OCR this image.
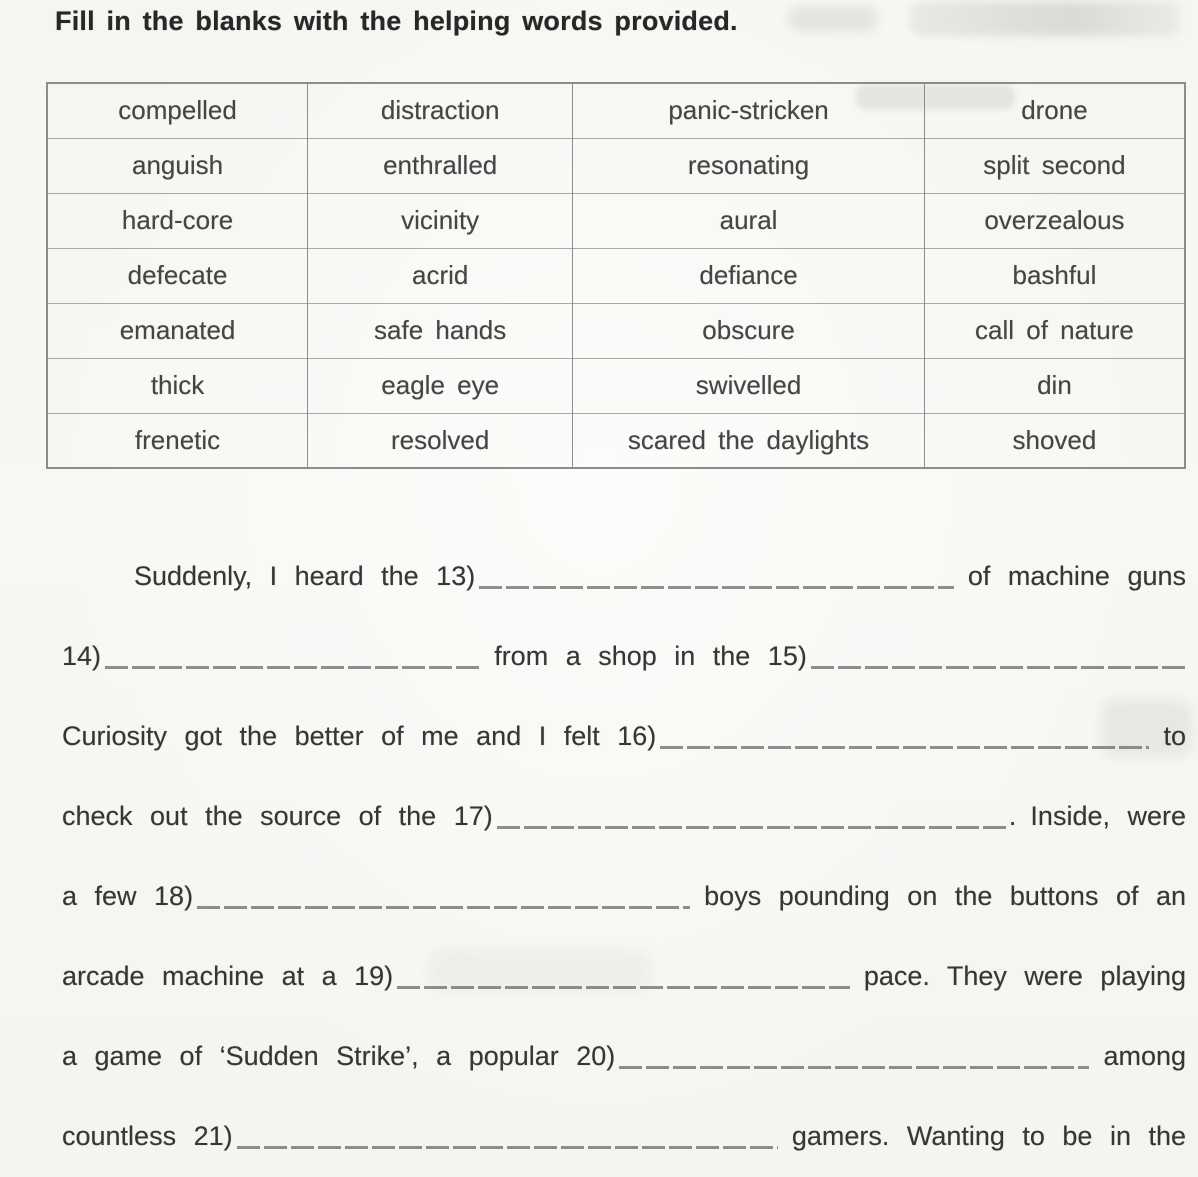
Fill in the blanks with the helping words provided.
compelled	distraction	panic-stricken	drone
anguish	enthralled	resonating	split second
hard-core	vicinity	aural	overzealous
defecate	acrid	defiance	bashful
emanated	safe hands	obscure	call of nature
thick	eagle eye	swivelled	din
frenetic	resolved	scared the daylights	shoved
Suddenly, I heard the 13)	of machine guns
14)	from a shop in the 15)
Curiosity got the better of me and I felt 16)	to
check out the source of the 17)	. Inside, were
a few 18)	boys pounding on the buttons of an
arcade machine at a 19)	pace. They were playing
a game of ‘Sudden Strike’, a popular 20)	among
countless 21)	gamers. Wanting to be in the
